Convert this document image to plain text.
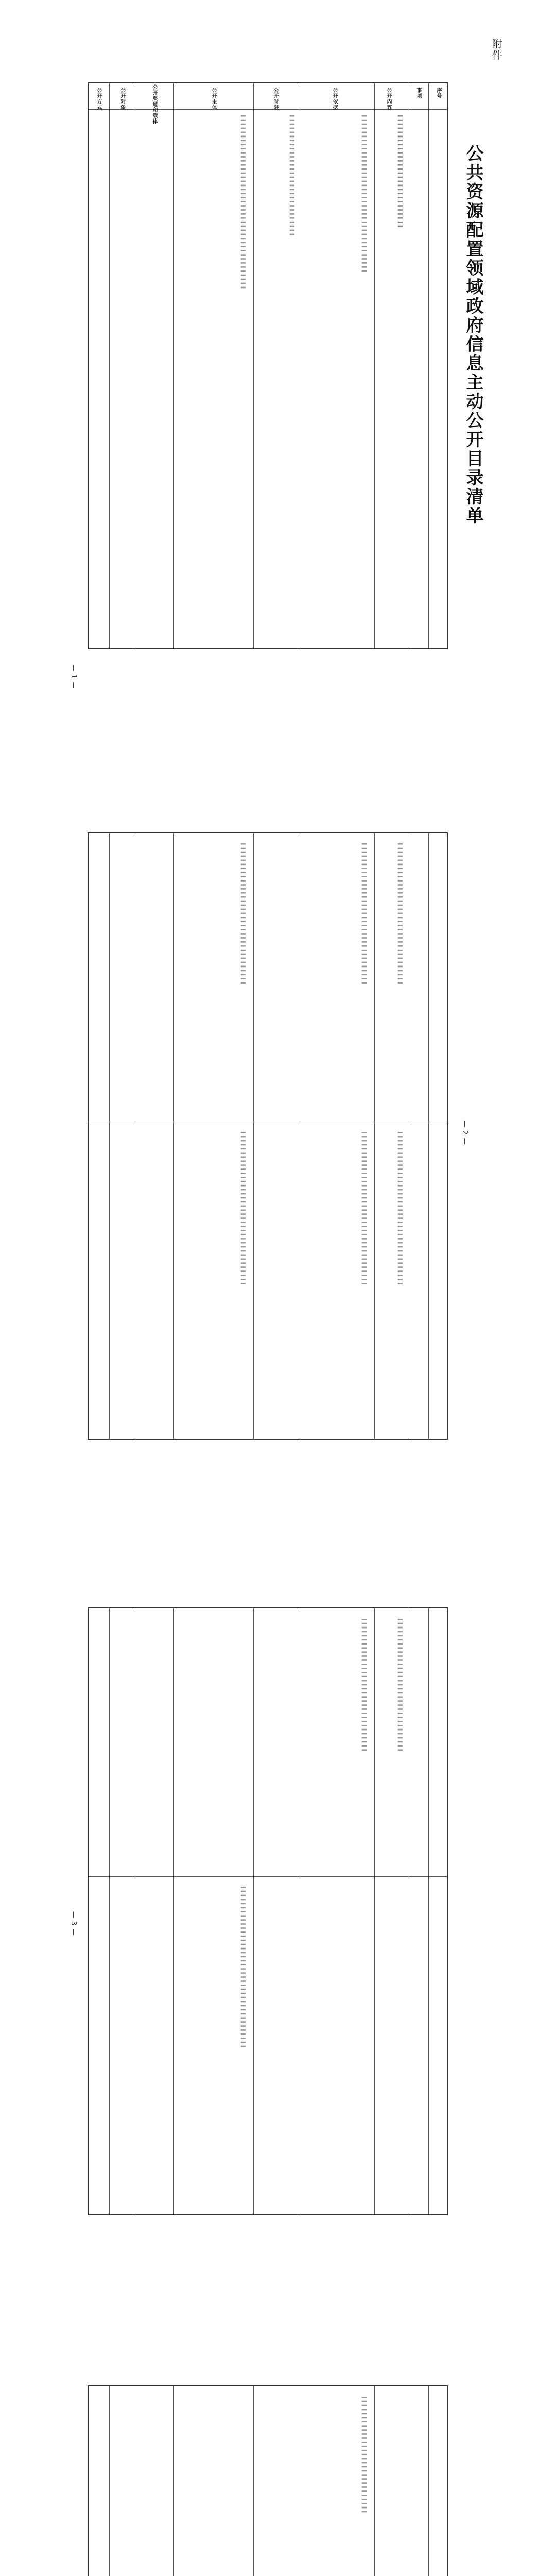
附件
公共资源配置领域政府信息主动公开目录清单
序号
事项
公开内容
公开依据
公开时限
公开主体
公开渠道和载体
公开对象
公开方式
▍▍▍▍▍▍▍▍▍▍▍▍▍▍▍▍▍▍▍▍▍▍▍▍▍▍▍▍
▍▍▍▍▍▍▍▍▍▍▍▍▍▍▍▍▍▍▍▍▍▍▍▍▍▍▍▍▍▍▍▍▍▍▍▍▍▍▍
▍▍▍▍▍▍▍▍▍▍▍▍▍▍▍▍▍▍▍▍▍▍▍▍▍▍▍▍▍▍
▍▍▍▍▍▍▍▍▍▍▍▍▍▍▍▍▍▍▍▍▍▍▍▍▍▍▍▍▍▍▍▍▍▍▍▍▍▍▍▍▍▍▍
— 1 —
▍▍▍▍▍▍▍▍▍▍▍▍▍▍▍▍▍▍▍▍▍▍▍▍▍▍▍▍▍▍▍▍▍▍▍
▍▍▍▍▍▍▍▍▍▍▍▍▍▍▍▍▍▍▍▍▍▍▍▍▍▍▍▍▍▍▍▍▍▍▍
▍▍▍▍▍▍▍▍▍▍▍▍▍▍▍▍▍▍▍▍▍▍▍▍▍▍▍▍▍▍▍▍▍▍▍
▍▍▍▍▍▍▍▍▍▍▍▍▍▍▍▍▍▍▍▍▍▍▍▍▍▍▍▍▍▍▍▍▍▍▍▍▍▍
▍▍▍▍▍▍▍▍▍▍▍▍▍▍▍▍▍▍▍▍▍▍▍▍▍▍▍▍▍▍▍▍▍▍▍▍▍▍
▍▍▍▍▍▍▍▍▍▍▍▍▍▍▍▍▍▍▍▍▍▍▍▍▍▍▍▍▍▍▍▍▍▍▍▍▍▍	— 2 —
▍▍▍▍▍▍▍▍▍▍▍▍▍▍▍▍▍▍▍▍▍▍▍▍▍▍▍▍▍▍▍▍▍
▍▍▍▍▍▍▍▍▍▍▍▍▍▍▍▍▍▍▍▍▍▍▍▍▍▍▍▍▍▍▍▍▍
▍▍▍▍▍▍▍▍▍▍▍▍▍▍▍▍▍▍▍▍▍▍▍▍▍▍▍▍▍▍▍▍▍▍▍▍▍▍▍▍
— 3 —
▍▍▍▍▍▍▍▍▍▍▍▍▍▍▍▍▍▍▍▍▍▍▍▍▍▍▍▍▍
